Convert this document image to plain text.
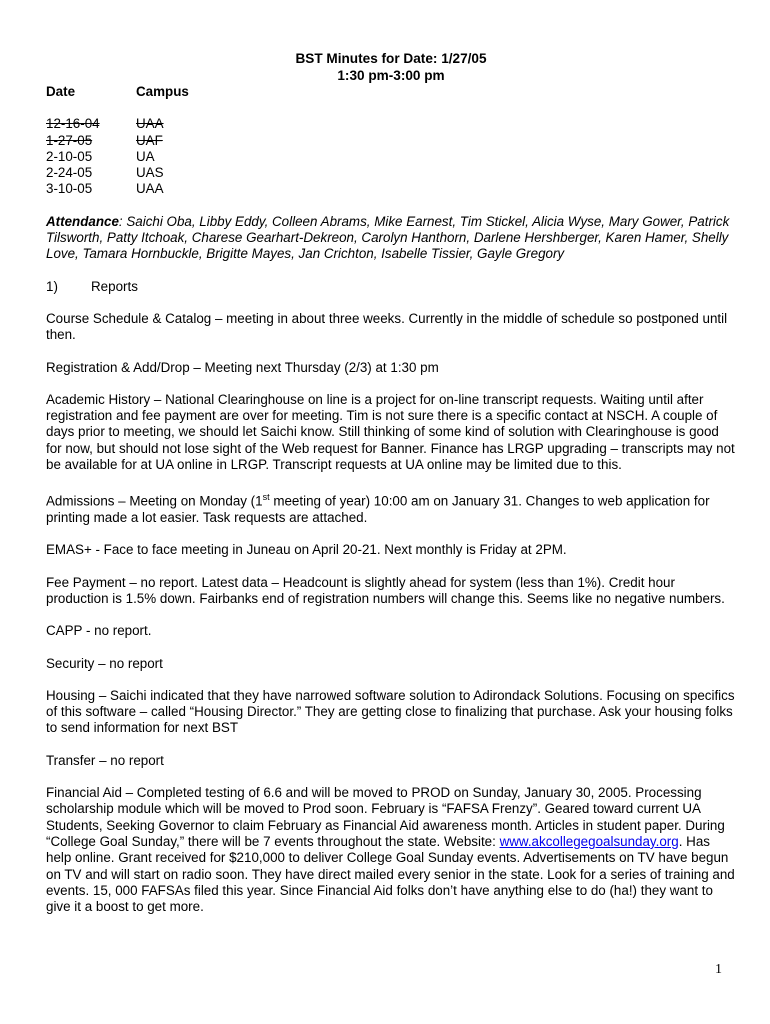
BST Minutes for Date: 1/27/05
1:30 pm-3:00 pm
Date	Campus
12-16-04	UAA
1-27-05	UAF
2-10-05	UA
2-24-05	UAS
3-10-05	UAA

Attendance: Saichi Oba, Libby Eddy, Colleen Abrams, Mike Earnest, Tim Stickel, Alicia Wyse, Mary Gower, Patrick Tilsworth, Patty Itchoak, Charese Gearhart-Dekreon, Carolyn Hanthorn, Darlene Hershberger, Karen Hamer, Shelly Love, Tamara Hornbuckle, Brigitte Mayes, Jan Crichton, Isabelle Tissier, Gayle Gregory

1)	Reports

Course Schedule & Catalog – meeting in about three weeks. Currently in the middle of schedule so postponed until then.

Registration & Add/Drop – Meeting next Thursday (2/3) at 1:30 pm

Academic History – National Clearinghouse on line is a project for on-line transcript requests. Waiting until after registration and fee payment are over for meeting. Tim is not sure there is a specific contact at NSCH. A couple of days prior to meeting, we should let Saichi know. Still thinking of some kind of solution with Clearinghouse is good for now, but should not lose sight of the Web request for Banner. Finance has LRGP upgrading – transcripts may not be available for at UA online in LRGP. Transcript requests at UA online may be limited due to this.

Admissions – Meeting on Monday (1st meeting of year) 10:00 am on January 31. Changes to web application for printing made a lot easier. Task requests are attached.

EMAS+ - Face to face meeting in Juneau on April 20-21. Next monthly is Friday at 2PM.

Fee Payment – no report. Latest data – Headcount is slightly ahead for system (less than 1%). Credit hour production is 1.5% down. Fairbanks end of registration numbers will change this. Seems like no negative numbers.

CAPP - no report.

Security – no report

Housing – Saichi indicated that they have narrowed software solution to Adirondack Solutions. Focusing on specifics of this software – called “Housing Director.” They are getting close to finalizing that purchase. Ask your housing folks to send information for next BST

Transfer – no report

Financial Aid – Completed testing of 6.6 and will be moved to PROD on Sunday, January 30, 2005. Processing scholarship module which will be moved to Prod soon. February is “FAFSA Frenzy”. Geared toward current UA Students, Seeking Governor to claim February as Financial Aid awareness month. Articles in student paper. During “College Goal Sunday,” there will be 7 events throughout the state. Website: www.akcollegegoalsunday.org. Has help online. Grant received for $210,000 to deliver College Goal Sunday events. Advertisements on TV have begun on TV and will start on radio soon. They have direct mailed every senior in the state. Look for a series of training and events. 15, 000 FAFSAs filed this year. Since Financial Aid folks don’t have anything else to do (ha!) they want to give it a boost to get more.

1
